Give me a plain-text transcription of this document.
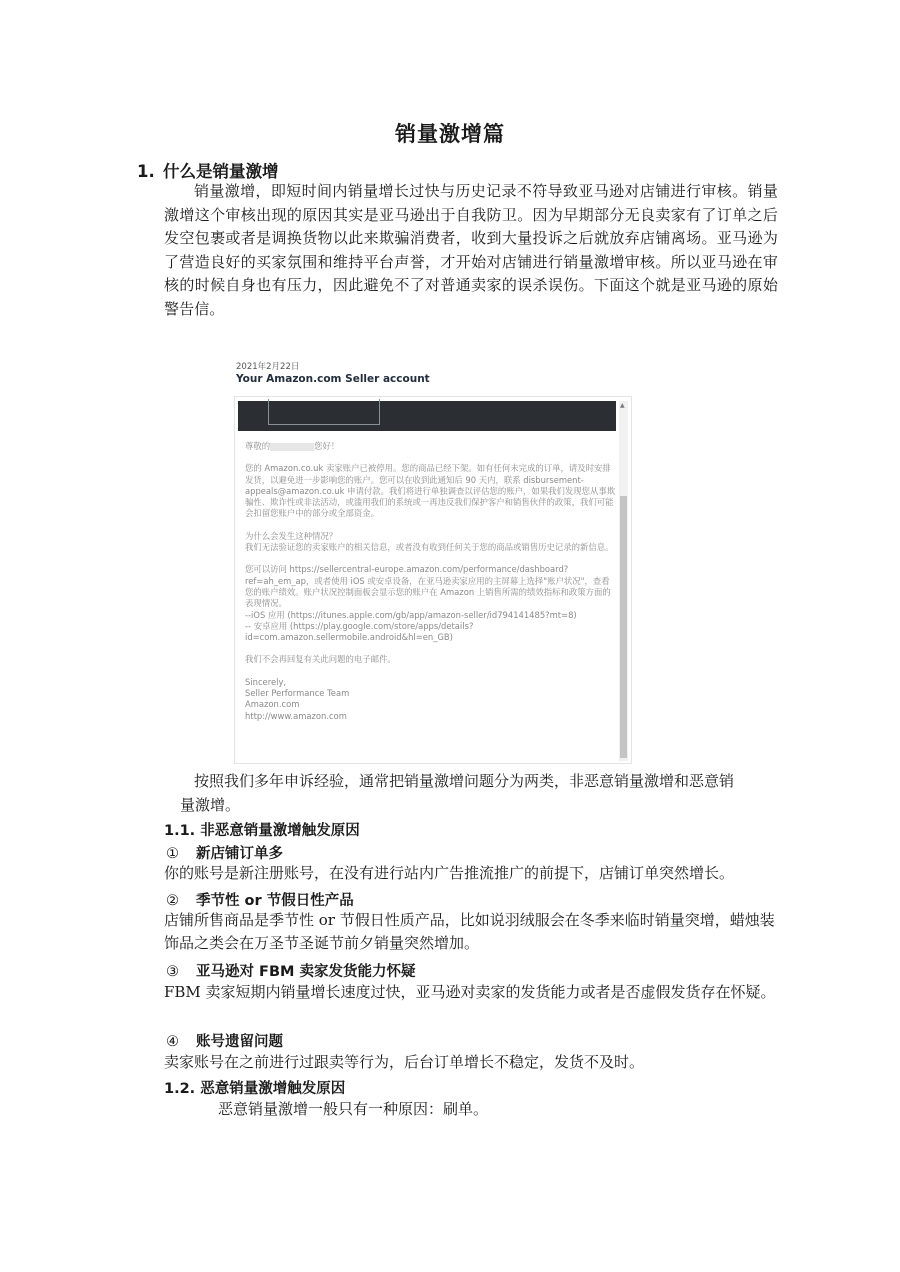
销量激增篇
1. 什么是销量激增
销量激增，即短时间内销量增长过快与历史记录不符导致亚马逊对店铺进行审核。销量激增这个审核出现的原因其实是亚马逊出于自我防卫。因为早期部分无良卖家有了订单之后发空包裹或者是调换货物以此来欺骗消费者，收到大量投诉之后就放弃店铺离场。亚马逊为了营造良好的买家氛围和维持平台声誉，才开始对店铺进行销量激增审核。所以亚马逊在审核的时候自身也有压力，因此避免不了对普通卖家的误杀误伤。下面这个就是亚马逊的原始警告信。
2021年2月22日
Your Amazon.com Seller account
▲
尊敬的	您好！
您的 Amazon.co.uk 卖家账户已被停用。您的商品已经下架。如有任何未完成的订单，请及时安排发货，以避免进一步影响您的账户。您可以在收到此通知后 90 天内，联系 disbursement-appeals@amazon.co.uk 申请付款。我们将进行单独调查以评估您的账户，如果我们发现您从事欺骗性、欺诈性或非法活动，或滥用我们的系统或一再违反我们保护客户和销售伙伴的政策，我们可能会扣留您账户中的部分或全部资金。
为什么会发生这种情况？
我们无法验证您的卖家账户的相关信息，或者没有收到任何关于您的商品或销售历史记录的新信息。
您可以访问 https://sellercentral-europe.amazon.com/performance/dashboard?ref=ah_em_ap，或者使用 iOS 或安卓设备，在亚马逊卖家应用的主屏幕上选择"账户状况"，查看您的账户绩效。账户状况控制面板会显示您的账户在 Amazon 上销售所需的绩效指标和政策方面的表现情况。
--iOS 应用 (https://itunes.apple.com/gb/app/amazon-seller/id794141485?mt=8)
-- 安卓应用 (https://play.google.com/store/apps/details?id=com.amazon.sellermobile.android&hl=en_GB)
我们不会再回复有关此问题的电子邮件。
Sincerely,
Seller Performance Team
Amazon.com
http://www.amazon.com
按照我们多年申诉经验，通常把销量激增问题分为两类，非恶意销量激增和恶意销
量激增。
1.1. 非恶意销量激增触发原因
① 新店铺订单多
你的账号是新注册账号，在没有进行站内广告推流推广的前提下，店铺订单突然增长。
② 季节性 or 节假日性产品
店铺所售商品是季节性 or 节假日性质产品，比如说羽绒服会在冬季来临时销量突增，蜡烛装饰品之类会在万圣节圣诞节前夕销量突然增加。
③ 亚马逊对 FBM 卖家发货能力怀疑
FBM 卖家短期内销量增长速度过快，亚马逊对卖家的发货能力或者是否虚假发货存在怀疑。
④ 账号遗留问题
卖家账号在之前进行过跟卖等行为，后台订单增长不稳定，发货不及时。
1.2. 恶意销量激增触发原因
恶意销量激增一般只有一种原因：刷单。
